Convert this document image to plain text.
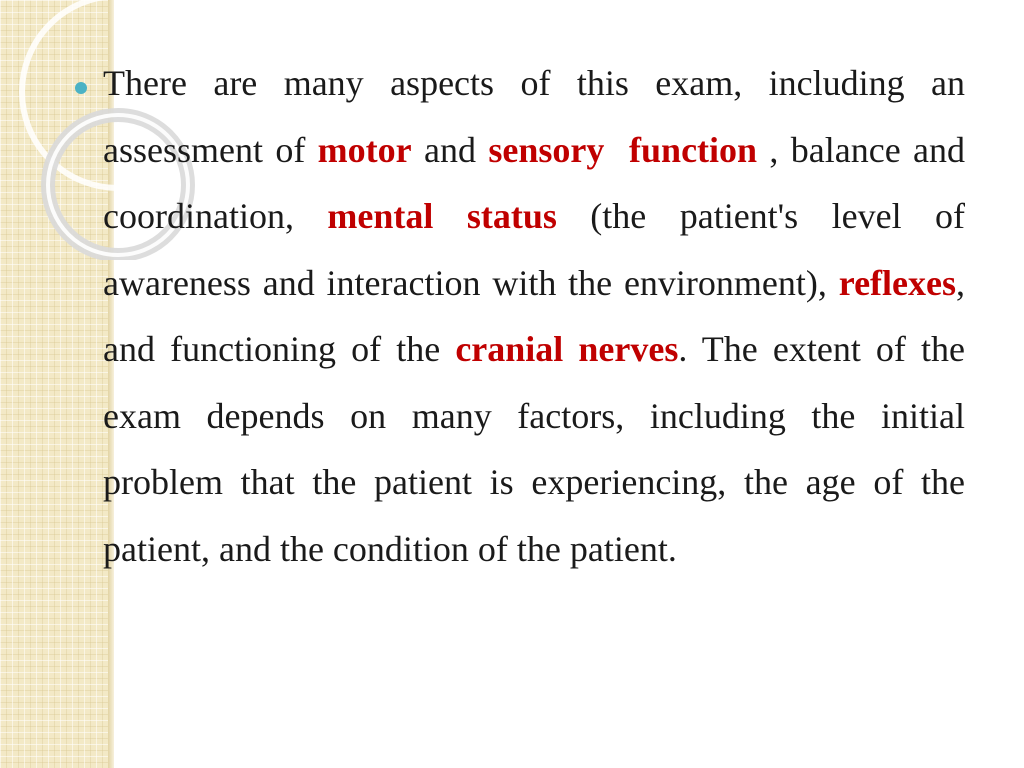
There are many aspects of this exam, including an assessment of motor and sensory function , balance and coordination, mental status (the patient's level of awareness and interaction with the environment), reflexes, and functioning of the cranial nerves. The extent of the exam depends on many factors, including the initial problem that the patient is experiencing, the age of the patient, and the condition of the patient.
